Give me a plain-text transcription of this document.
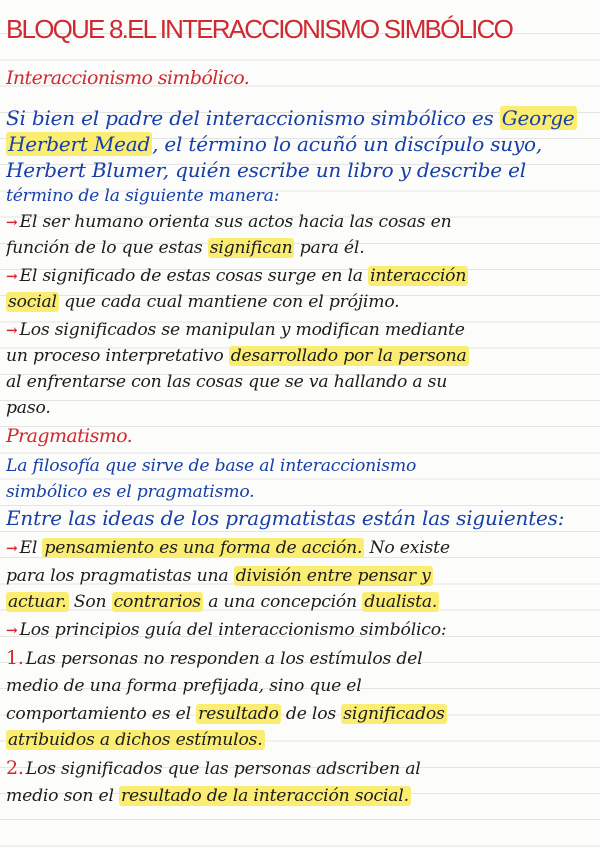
BLOQUE 8.EL INTERACCIONISMO SIMBÓLICO
Interaccionismo simbólico.
Si bien el padre del interaccionismo simbólico es George
Herbert Mead , el término lo acuñó un discípulo suyo,
Herbert Blumer, quién escribe un libro y describe el
término de la siguiente manera:
→ El ser humano orienta sus actos hacia las cosas en
función de lo que estas significan para él.
→ El significado de estas cosas surge en la interacción
social que cada cual mantiene con el prójimo.
→ Los significados se manipulan y modifican mediante
un proceso interpretativo desarrollado por la persona
al enfrentarse con las cosas que se va hallando a su
paso.
Pragmatismo.
La filosofía que sirve de base al interaccionismo
simbólico es el pragmatismo.
Entre las ideas de los pragmatistas están las siguientes:
→ El pensamiento es una forma de acción. No existe
para los pragmatistas una división entre pensar y
actuar. Son contrarios a una concepción dualista.
→ Los principios guía del interaccionismo simbólico:
1. Las personas no responden a los estímulos del
medio de una forma prefijada, sino que el
comportamiento es el resultado de los significados
atribuidos a dichos estímulos.
2. Los significados que las personas adscriben al
medio son el resultado de la interacción social.
